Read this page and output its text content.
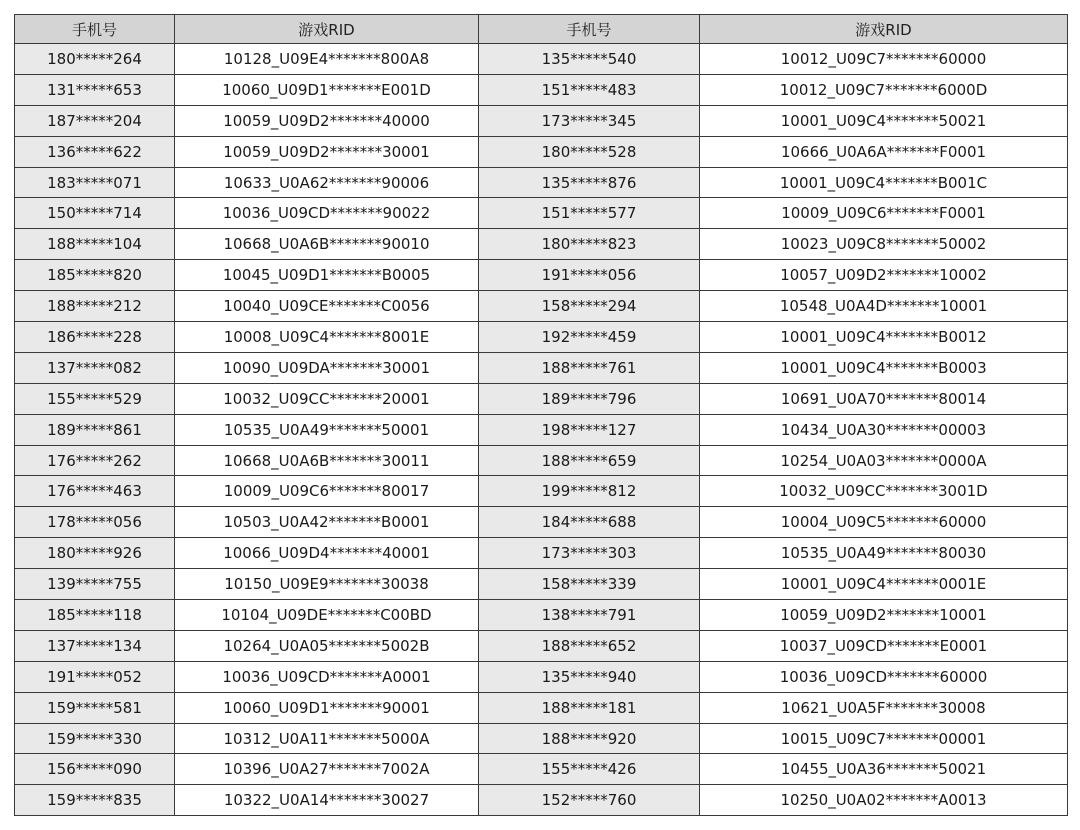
手机号	游戏RID	手机号	游戏RID
180*****264	10128_U09E4*******800A8	135*****540	10012_U09C7*******60000
131*****653	10060_U09D1*******E001D	151*****483	10012_U09C7*******6000D
187*****204	10059_U09D2*******40000	173*****345	10001_U09C4*******50021
136*****622	10059_U09D2*******30001	180*****528	10666_U0A6A*******F0001
183*****071	10633_U0A62*******90006	135*****876	10001_U09C4*******B001C
150*****714	10036_U09CD*******90022	151*****577	10009_U09C6*******F0001
188*****104	10668_U0A6B*******90010	180*****823	10023_U09C8*******50002
185*****820	10045_U09D1*******B0005	191*****056	10057_U09D2*******10002
188*****212	10040_U09CE*******C0056	158*****294	10548_U0A4D*******10001
186*****228	10008_U09C4*******8001E	192*****459	10001_U09C4*******B0012
137*****082	10090_U09DA*******30001	188*****761	10001_U09C4*******B0003
155*****529	10032_U09CC*******20001	189*****796	10691_U0A70*******80014
189*****861	10535_U0A49*******50001	198*****127	10434_U0A30*******00003
176*****262	10668_U0A6B*******30011	188*****659	10254_U0A03*******0000A
176*****463	10009_U09C6*******80017	199*****812	10032_U09CC*******3001D
178*****056	10503_U0A42*******B0001	184*****688	10004_U09C5*******60000
180*****926	10066_U09D4*******40001	173*****303	10535_U0A49*******80030
139*****755	10150_U09E9*******30038	158*****339	10001_U09C4*******0001E
185*****118	10104_U09DE*******C00BD	138*****791	10059_U09D2*******10001
137*****134	10264_U0A05*******5002B	188*****652	10037_U09CD*******E0001
191*****052	10036_U09CD*******A0001	135*****940	10036_U09CD*******60000
159*****581	10060_U09D1*******90001	188*****181	10621_U0A5F*******30008
159*****330	10312_U0A11*******5000A	188*****920	10015_U09C7*******00001
156*****090	10396_U0A27*******7002A	155*****426	10455_U0A36*******50021
159*****835	10322_U0A14*******30027	152*****760	10250_U0A02*******A0013
